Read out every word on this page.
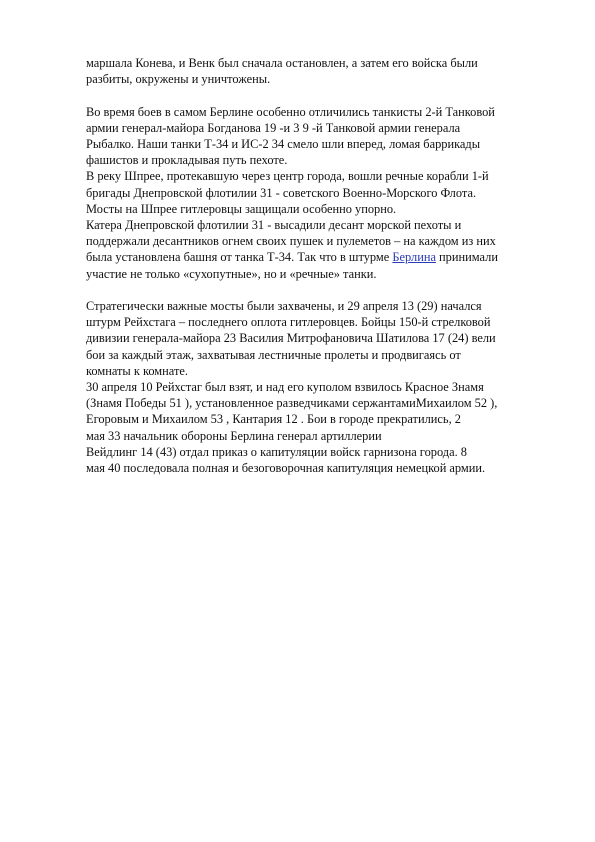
маршала Конева, и Венк был сначала остановлен, а затем его войска были
разбиты, окружены и уничтожены.

Во время боев в самом Берлине особенно отличились танкисты 2-й Танковой
армии генерал-майора Богданова 19 -и 3 9 -й Танковой армии генерала
Рыбалко. Наши танки Т-34 и ИС-2 34 смело шли вперед, ломая баррикады
фашистов и прокладывая путь пехоте.

В реку Шпрее, протекавшую через центр города, вошли речные корабли 1-й
бригады Днепровской флотилии 31 - советского Военно-Морского Флота.
Мосты на Шпрее гитлеровцы защищали особенно упорно.

Катера Днепровской флотилии 31 - высадили десант морской пехоты и
поддержали десантников огнем своих пушек и пулеметов – на каждом из них
была установлена башня от танка Т-34. Так что в штурме Берлина принимали
участие не только «сухопутные», но и «речные» танки.

Стратегически важные мосты были захвачены, и 29 апреля 13 (29) начался
штурм Рейхстага – последнего оплота гитлеровцев. Бойцы 150-й стрелковой
дивизии генерала-майора 23 Василия Митрофановича Шатилова 17 (24) вели
бои за каждый этаж, захватывая лестничные пролеты и продвигаясь от
комнаты к комнате.

30 апреля 10 Рейхстаг был взят, и над его куполом взвилось Красное Знамя
(Знамя Победы 51 ), установленное разведчиками сержантамиМихаилом 52 ),
Егоровым и Михаилом 53 , Кантария 12 . Бои в городе прекратились, 2
мая 33 начальник обороны Берлина генерал артиллерии
Вейдлинг 14 (43) отдал приказ о капитуляции войск гарнизона города. 8
мая 40 последовала полная и безоговорочная капитуляция немецкой армии.
